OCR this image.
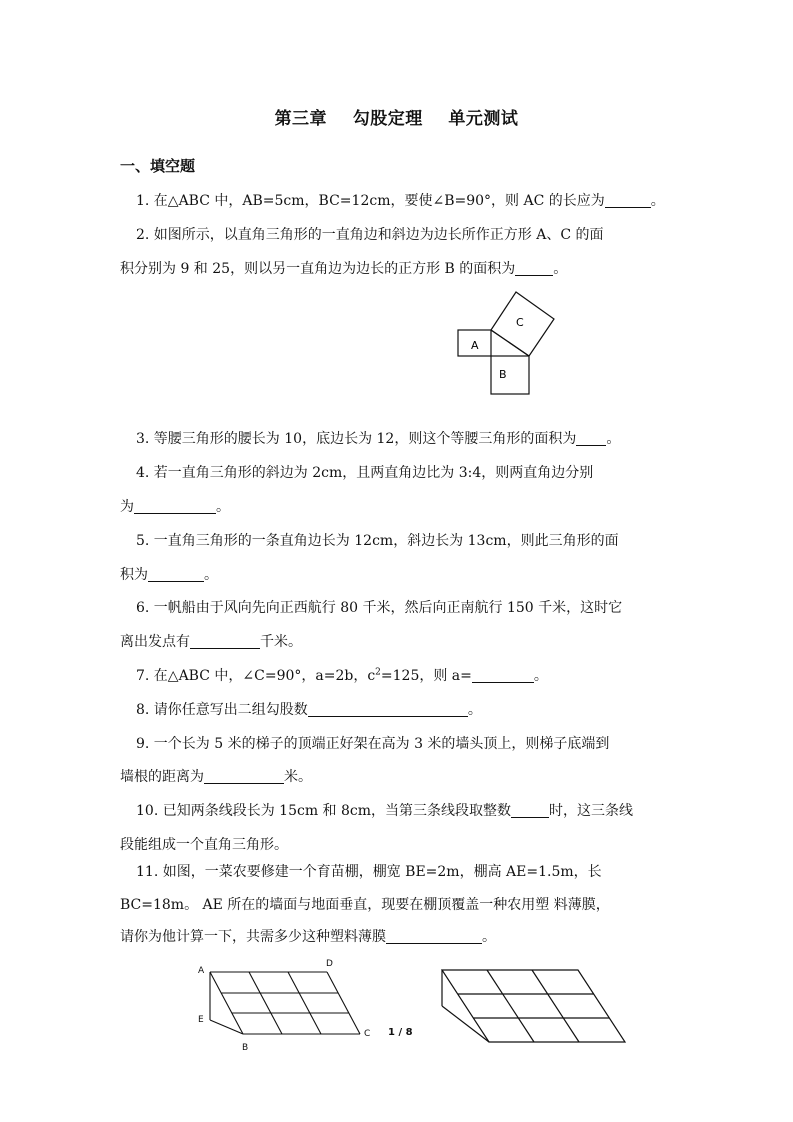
第三章    勾股定理    单元测试
一、填空题
1. 在△ABC 中，AB=5cm，BC=12cm，要使∠B=90°，则 AC 的长应为	。
2. 如图所示，以直角三角形的一直角边和斜边为边长所作正方形 A、C 的面
积分别为 9 和 25，则以另一直角边为边长的正方形 B 的面积为	。
A
B
C
3. 等腰三角形的腰长为 10，底边长为 12，则这个等腰三角形的面积为 。
4. 若一直角三角形的斜边为 2cm，且两直角边比为 3:4，则两直角边分别
为	。
5. 一直角三角形的一条直角边长为 12cm，斜边长为 13cm，则此三角形的面
积为	。
6. 一帆船由于风向先向正西航行 80 千米，然后向正南航行 150 千米，这时它
离出发点有	千米。
7. 在△ABC 中，∠C=90°，a=2b，$c^2=125$，则 a=	。
8. 请你任意写出二组勾股数	。
9. 一个长为 5 米的梯子的顶端正好架在高为 3 米的墙头顶上，则梯子底端到
墙根的距离为	米。
10. 已知两条线段长为 15cm 和 8cm，当第三条线段取整数	时，这三条线
段能组成一个直角三角形。
11. 如图，一菜农要修建一个育苗棚，棚宽 BE=2m，棚高 AE=1.5m，长
BC=18m。 AE 所在的墙面与地面垂直，现要在棚顶覆盖一种农用塑 料薄膜，
请你为他计算一下，共需多少这种塑料薄膜	。
A
D
E
B
C 1 / 8
